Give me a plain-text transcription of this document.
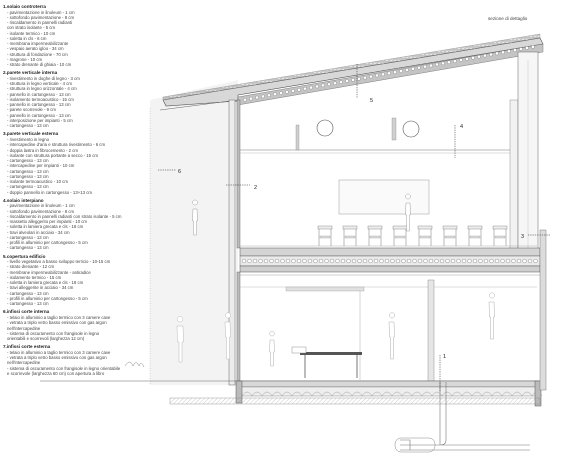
sezione di dettaglio
5
4
2
6
3
1
1.solaio controterra
- pavimentazione in linoleum - 1 cm
- sottofondo pavimentazione - 8 cm
- riscaldamento in pannelli radianti
con strato isolante - 5 cm
- isolante termico - 10 cm
- soletta in cls - 6 cm
- membrana impermeabilizzante
- vespaio aerato igloo - 34 cm
- struttura di fondazione - 70 cm
- magrone - 10 cm
- strato drenante di ghiaia - 10 cm
2.parete verticale interna
- rivestimento in doghe di legno - 3 cm
- struttura in legno verticale - 4 cm
- struttura in legno orizzontale - 4 cm
- pannello in cartongesso - 13 cm
- isolamento termoacustico - 15 cm
- pannello in cartongesso - 13 cm
- parete scorrevole - 9 cm
- pannello in cartongesso - 13 cm
- interposizione per impianti - 5 cm
- cartongesso - 13 cm
3.parete verticale esterna
- rivestimento in legno
- intercapedine d'aria e struttura rivestimento - 6 cm
- doppia lastra in fibrocemento - 2 cm
- isolante con struttura portante a secco - 15 cm
- cartongesso - 13 cm
- intercapedine per impianti - 10 cm
- cartongesso - 13 cm
- cartongesso - 13 cm
- isolante termoacustico - 10 cm
- cartongesso - 13 cm
- doppio pannello in cartongesso - 13+13 cm
4.solaio interpiano
- pavimentazione in linoleum - 1 cm
- sottofondo pavimentazione - 8 cm
- riscaldamento in pannelli radianti con strato isolante - 5 cm
- massetto alleggerito per impianti - 10 cm
- soletta in lamiera grecata e cls - 18 cm
- travi alveolari in acciaio - 34 cm
- cartongesso - 13 cm
- profili in alluminio per cartongesso - 5 cm
- cartongesso - 13 cm
5.copertura edificio
- livello vegetativo a basso sviluppo terricio - 10-15 cm
- strato drenante - 12 cm
- membrane impermeabilizzante - antiradice
- isolamento termico - 15 cm
- soletta in lamiera grecata e cls - 18 cm
- travi alleggerite in acciaio - 34 cm
- cartongesso - 13 cm
- profili in alluminio per cartongesso - 5 cm
- cartongesso - 13 cm
6.infissi corte interna
- telaio in alluminio a taglio termico con 3 camere cave
- vetrata a triplo vetro basso emissivo con gas argon
nell'intercapedine
- sistema di oscuramento con frangisole in legno
orientabili e scorrevoli (larghezza 12 cm)
7.infissi corte esterna
- telaio in alluminio a taglio termico con 3 camere cave
- vetrata a triplo vetro basso emissivo con gas argon
nell'intercapedine
- sistema di oscuramento con frangisole in legno orientabile
e scorrevole (larghezza 60 cm) con apertura a libro
